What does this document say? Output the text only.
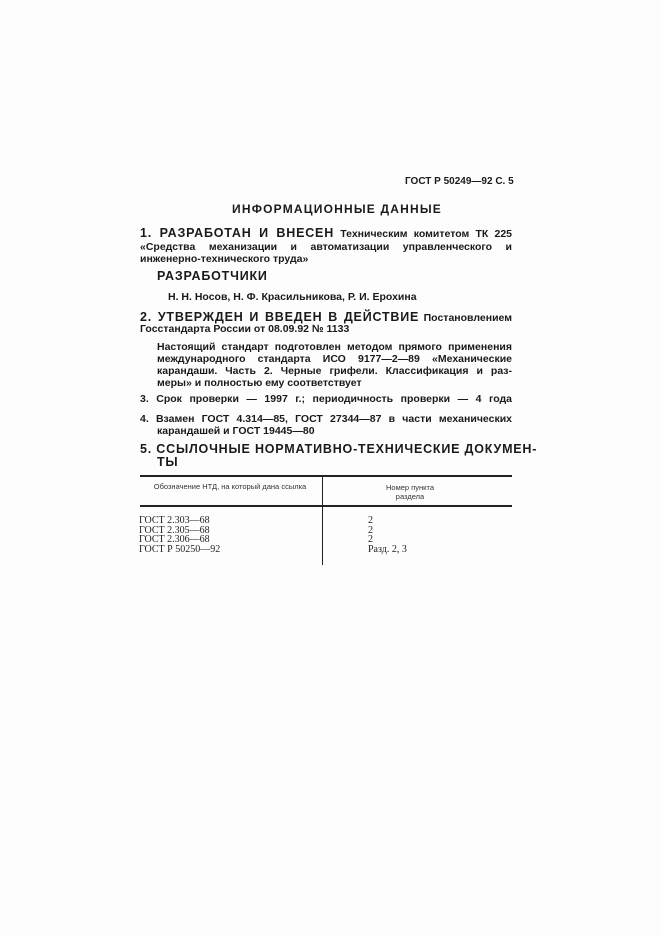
ГОСТ Р 50249—92 С. 5
ИНФОРМАЦИОННЫЕ ДАННЫЕ
1. РАЗРАБОТАН И ВНЕСЕН Техническим комитетом ТК 225
«Средства механизации и автоматизации управленческого и
инженерно-технического труда»
РАЗРАБОТЧИКИ
Н. Н. Носов, Н. Ф. Красильникова, Р. И. Ерохина
2. УТВЕРЖДЕН И ВВЕДЕН В ДЕЙСТВИЕ Постановлением
Госстандарта России от 08.09.92 № 1133
Настоящий стандарт подготовлен методом прямого применения
международного стандарта ИСО 9177—2—89 «Механические
карандаши. Часть 2. Черные грифели. Классификация и раз-
меры» и полностью ему соответствует
3. Срок проверки — 1997 г.; периодичность проверки — 4 года
4. Взамен ГОСТ 4.314—85, ГОСТ 27344—87 в части механических
карандашей и ГОСТ 19445—80
5. ССЫЛОЧНЫЕ НОРМАТИВНО-ТЕХНИЧЕСКИЕ ДОКУМЕН-
ТЫ
Обозначение НТД, на который дана ссылка	Номер пункта раздела
ГОСТ 2.303—68	2
ГОСТ 2.305—68	2
ГОСТ 2.306—68	2
ГОСТ Р 50250—92	Разд. 2, 3
